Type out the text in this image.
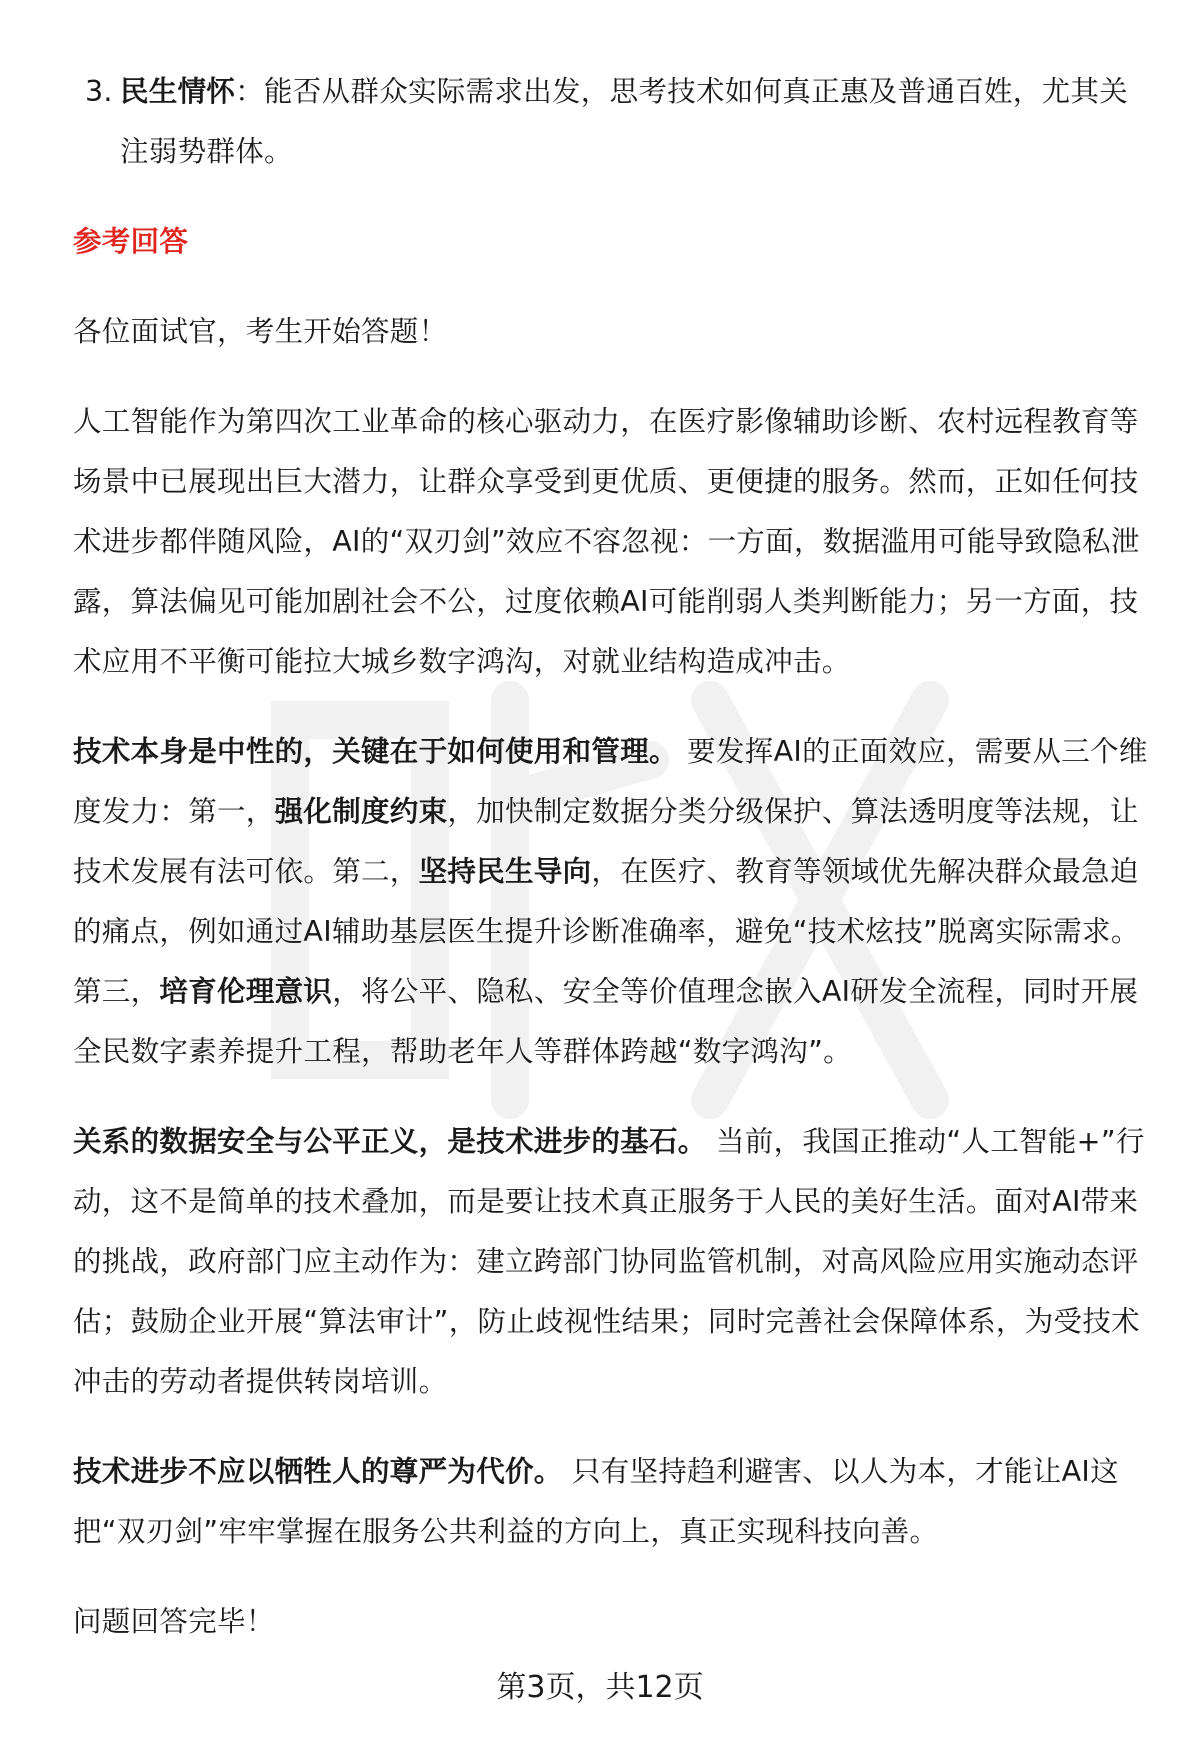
3. 民生情怀：能否从群众实际需求出发，思考技术如何真正惠及普通百姓，尤其关注弱势群体。

参考回答

各位面试官，考生开始答题！

人工智能作为第四次工业革命的核心驱动力，在医疗影像辅助诊断、农村远程教育等场景中已展现出巨大潜力，让群众享受到更优质、更便捷的服务。然而，正如任何技术进步都伴随风险，AI的“双刃剑”效应不容忽视：一方面，数据滥用可能导致隐私泄露，算法偏见可能加剧社会不公，过度依赖AI可能削弱人类判断能力；另一方面，技术应用不平衡可能拉大城乡数字鸿沟，对就业结构造成冲击。

技术本身是中性的，关键在于如何使用和管理。 要发挥AI的正面效应，需要从三个维度发力：第一，强化制度约束，加快制定数据分类分级保护、算法透明度等法规，让技术发展有法可依。第二，坚持民生导向，在医疗、教育等领域优先解决群众最急迫的痛点，例如通过AI辅助基层医生提升诊断准确率，避免“技术炫技”脱离实际需求。第三，培育伦理意识，将公平、隐私、安全等价值理念嵌入AI研发全流程，同时开展全民数字素养提升工程，帮助老年人等群体跨越“数字鸿沟”。

关系的数据安全与公平正义，是技术进步的基石。 当前，我国正推动“人工智能+”行动，这不是简单的技术叠加，而是要让技术真正服务于人民的美好生活。面对AI带来的挑战，政府部门应主动作为：建立跨部门协同监管机制，对高风险应用实施动态评估；鼓励企业开展“算法审计”，防止歧视性结果；同时完善社会保障体系，为受技术冲击的劳动者提供转岗培训。

技术进步不应以牺牲人的尊严为代价。 只有坚持趋利避害、以人为本，才能让AI这把“双刃剑”牢牢掌握在服务公共利益的方向上，真正实现科技向善。

问题回答完毕！

第3页，共12页
